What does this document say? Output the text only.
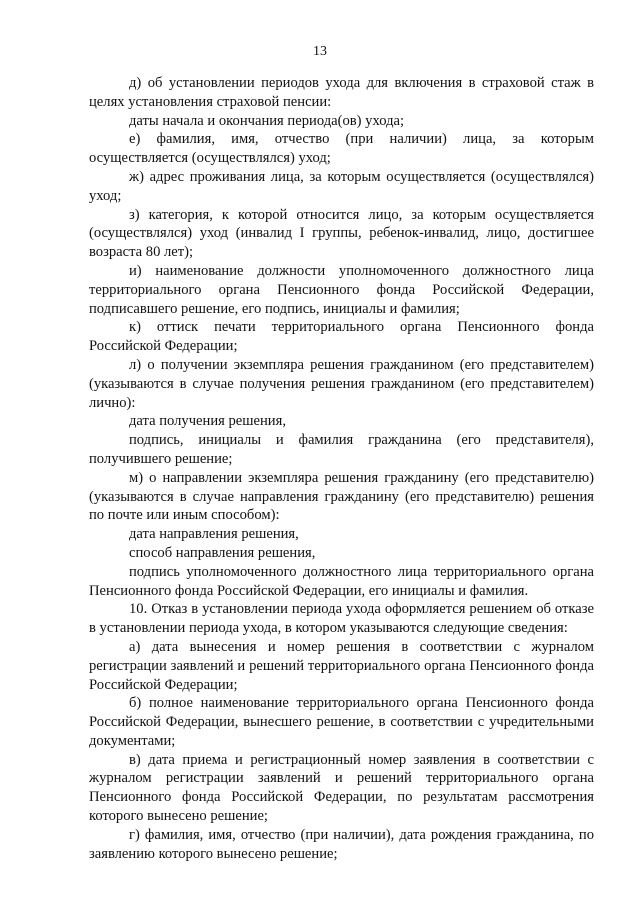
13

д) об установлении периодов ухода для включения в страховой стаж в целях установления страховой пенсии:

даты начала и окончания периода(ов) ухода;

е) фамилия, имя, отчество (при наличии) лица, за которым осуществляется (осуществлялся) уход;

ж) адрес проживания лица, за которым осуществляется (осуществлялся) уход;

з) категория, к которой относится лицо, за которым осуществляется (осуществлялся) уход (инвалид I группы, ребенок-инвалид, лицо, достигшее возраста 80 лет);

и) наименование должности уполномоченного должностного лица территориального органа Пенсионного фонда Российской Федерации, подписавшего решение, его подпись, инициалы и фамилия;

к) оттиск печати территориального органа Пенсионного фонда Российской Федерации;

л) о получении экземпляра решения гражданином (его представителем) (указываются в случае получения решения гражданином (его представителем) лично):

дата получения решения,

подпись, инициалы и фамилия гражданина (его представителя), получившего решение;

м) о направлении экземпляра решения гражданину (его представителю) (указываются в случае направления гражданину (его представителю) решения по почте или иным способом):

дата направления решения,

способ направления решения,

подпись уполномоченного должностного лица территориального органа Пенсионного фонда Российской Федерации, его инициалы и фамилия.

10. Отказ в установлении периода ухода оформляется решением об отказе в установлении периода ухода, в котором указываются следующие сведения:

а) дата вынесения и номер решения в соответствии с журналом регистрации заявлений и решений территориального органа Пенсионного фонда Российской Федерации;

б) полное наименование территориального органа Пенсионного фонда Российской Федерации, вынесшего решение, в соответствии с учредительными документами;

в) дата приема и регистрационный номер заявления в соответствии с журналом регистрации заявлений и решений территориального органа Пенсионного фонда Российской Федерации, по результатам рассмотрения которого вынесено решение;

г) фамилия, имя, отчество (при наличии), дата рождения гражданина, по заявлению которого вынесено решение;
